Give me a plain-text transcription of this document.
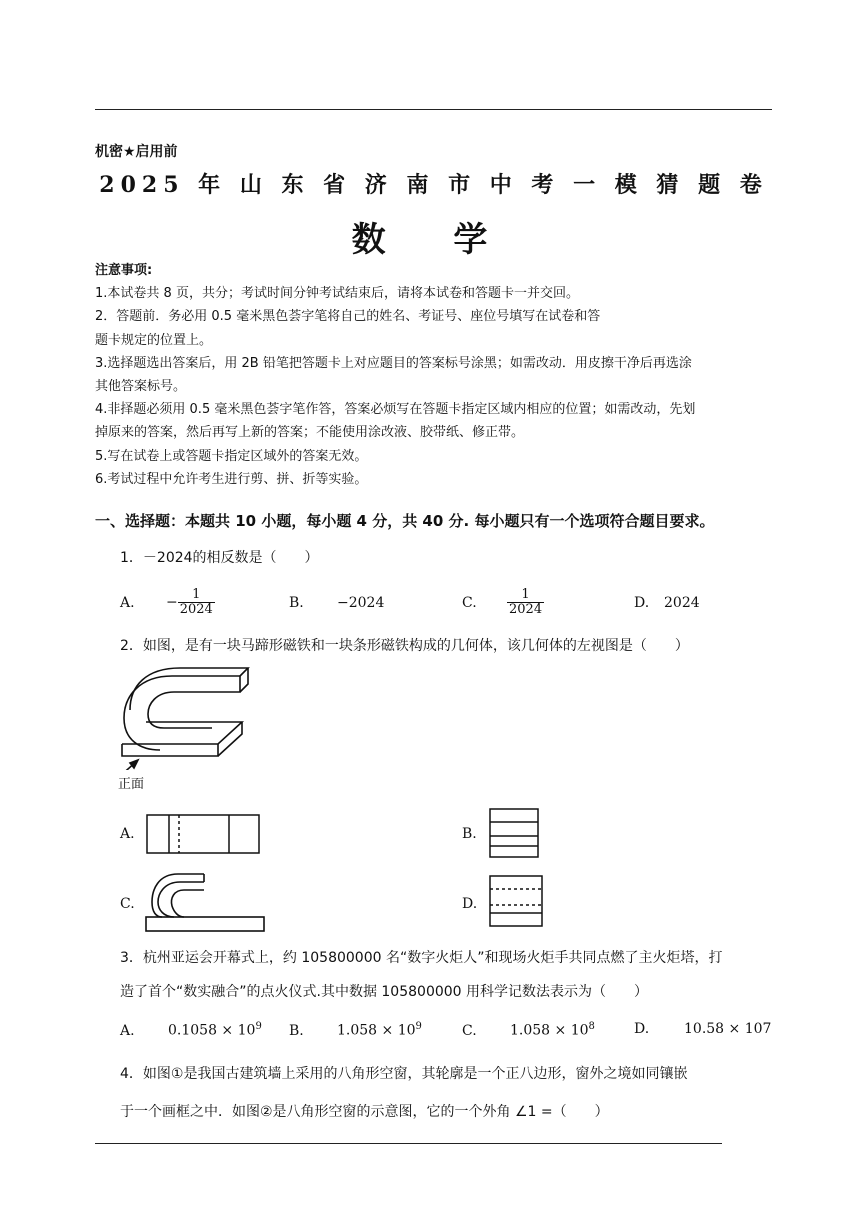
机密★启用前
2025 年 山 东 省 济 南 市 中 考 一 模 猜 题 卷
数 学
注意事项:
1.本试卷共 8 页，共分；考试时间分钟考试结束后，请将本试卷和答题卡一并交回。
2．答题前．务必用 0.5 毫米黑色荟字笔将自己的姓名、考证号、座位号填写在试卷和答
题卡规定的位置上。
3.选择题选出答案后，用 2B 铅笔把答题卡上对应题目的答案标号涂黑；如需改动．用皮擦干净后再选涂
其他答案标号。
4.非择题必须用 0.5 毫米黑色荟字笔作答，答案必烦写在答题卡指定区域内相应的位置；如需改动，先划
掉原来的答案，然后再写上新的答案；不能使用涂改液、胶带纸、修正带。
5.写在试卷上或答题卡指定区域外的答案无效。
6.考试过程中允许考生进行剪、拼、折等实验。
一、选择题：本题共 10 小题，每小题 4 分，共 40 分. 每小题只有一个选项符合题目要求。
1．－2024的相反数是（　　）
A. − $\frac{1}{2024}$	B. −2024	C. $\frac{1}{2024}$	D. 2024
2．如图，是有一块马蹄形磁铁和一块条形磁铁构成的几何体，该几何体的左视图是（　　）
正面
A.	B.
C.	D.
3．杭州亚运会开幕式上，约 105800000 名“数字火炬人”和现场火炬手共同点燃了主火炬塔，打
造了首个“数实融合”的点火仪式.其中数据 105800000 用科学记数法表示为（　　）
A. $0.1058 \times 10^9$ B. $1.058 \times 10^9$	C. $1.058 \times 10^8$	D. 10.58 × 107
4．如图①是我国古建筑墙上采用的八角形空窗，其轮廓是一个正八边形，窗外之境如同镶嵌
于一个画框之中．如图②是八角形空窗的示意图，它的一个外角 ∠1 =（　　）
